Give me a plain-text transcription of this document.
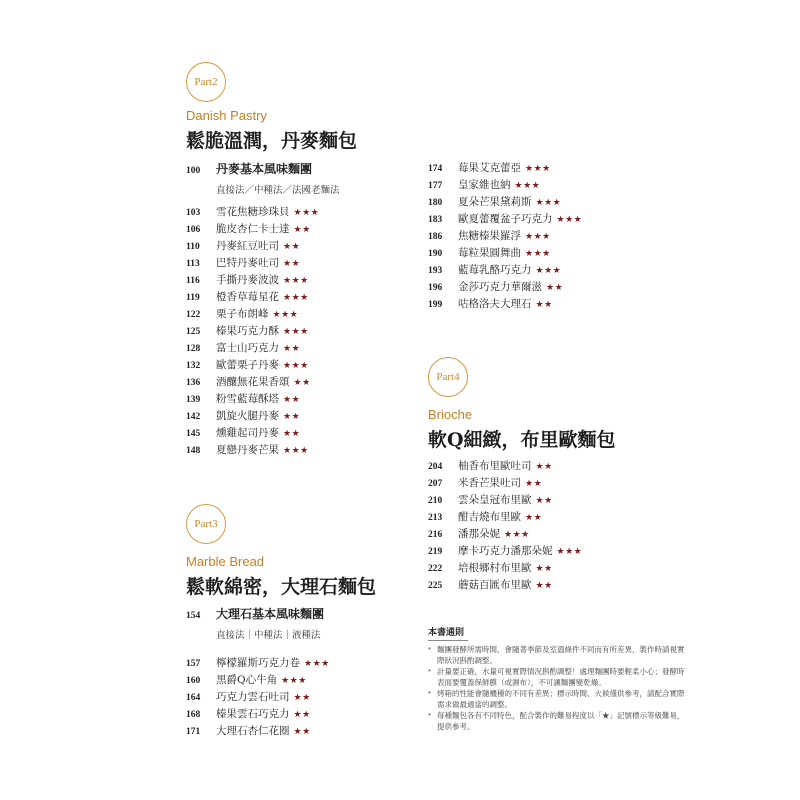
Part2
Danish Pastry
鬆脆溫潤，丹麥麵包
100	丹麥基本風味麵團
直接法／中種法／法國老麵法
103	雪花焦糖珍珠貝 ★★★
106	脆皮杏仁卡士達 ★★
110	丹麥紅豆吐司 ★★
113	巴特丹麥吐司 ★★
116	手撕丹麥波波 ★★★
119	橙香草莓星花 ★★★
122	栗子布朗峰 ★★★
125	榛果巧克力酥 ★★★
128	富士山巧克力 ★★
132	歐蕾栗子丹麥 ★★★
136	酒釀無花果香頌 ★★
139	粉雪藍莓酥塔 ★★
142	凱旋火腿丹麥 ★★
145	燻雞起司丹麥 ★★
148	夏戀丹麥芒果 ★★★
174	莓果艾克蕾亞 ★★★
177	皇家維也納 ★★★
180	夏朵芒果黛莉斯 ★★★
183	歐夏蕾覆盆子巧克力 ★★★
186	焦糖榛果羅浮 ★★★
190	莓粒果圓舞曲 ★★★
193	藍莓乳酪巧克力 ★★★
196	金莎巧克力華爾滋 ★★
199	咕格洛夫大理石 ★★
Part3
Marble Bread
鬆軟綿密，大理石麵包
154	大理石基本風味麵團
直接法｜中種法｜液種法
157	檸檬羅斯巧克力卷 ★★★
160	黑爵Q心牛角 ★★★
164	巧克力雲石吐司 ★★
168	榛果雲石巧克力 ★★
171	大理石杏仁花圈 ★★
Part4
Brioche
軟Q細緻，布里歐麵包
204	柚香布里歐吐司 ★★
207	米香芒果吐司 ★★
210	雲朵皇冠布里歐 ★★
213	酣吉燒布里歐 ★★
216	潘那朵妮 ★★★
219	摩卡巧克力潘那朵妮 ★★★
222	培根鄉村布里歐 ★★
225	蘑菇百匯布里歐 ★★
本書通則
* 麵團發酵所需時間，會隨著季節及室溫條件不同而有所差異，製作時請視實際狀況斟酌調整。
* 計量要正確，水量可視實際情況斟酌調整！處理麵團時要輕柔小心；發酵時表面要覆蓋保鮮膜（或濕布），不可讓麵團變乾燥。
* 烤箱的性能會隨機種的不同有差異；標示時間、火候僅供參考，請配合實際需求做最適當的調整。
* 每種麵包各有不同特色，配合製作的難易程度以「★」記號標示等級難易，提供參考。
